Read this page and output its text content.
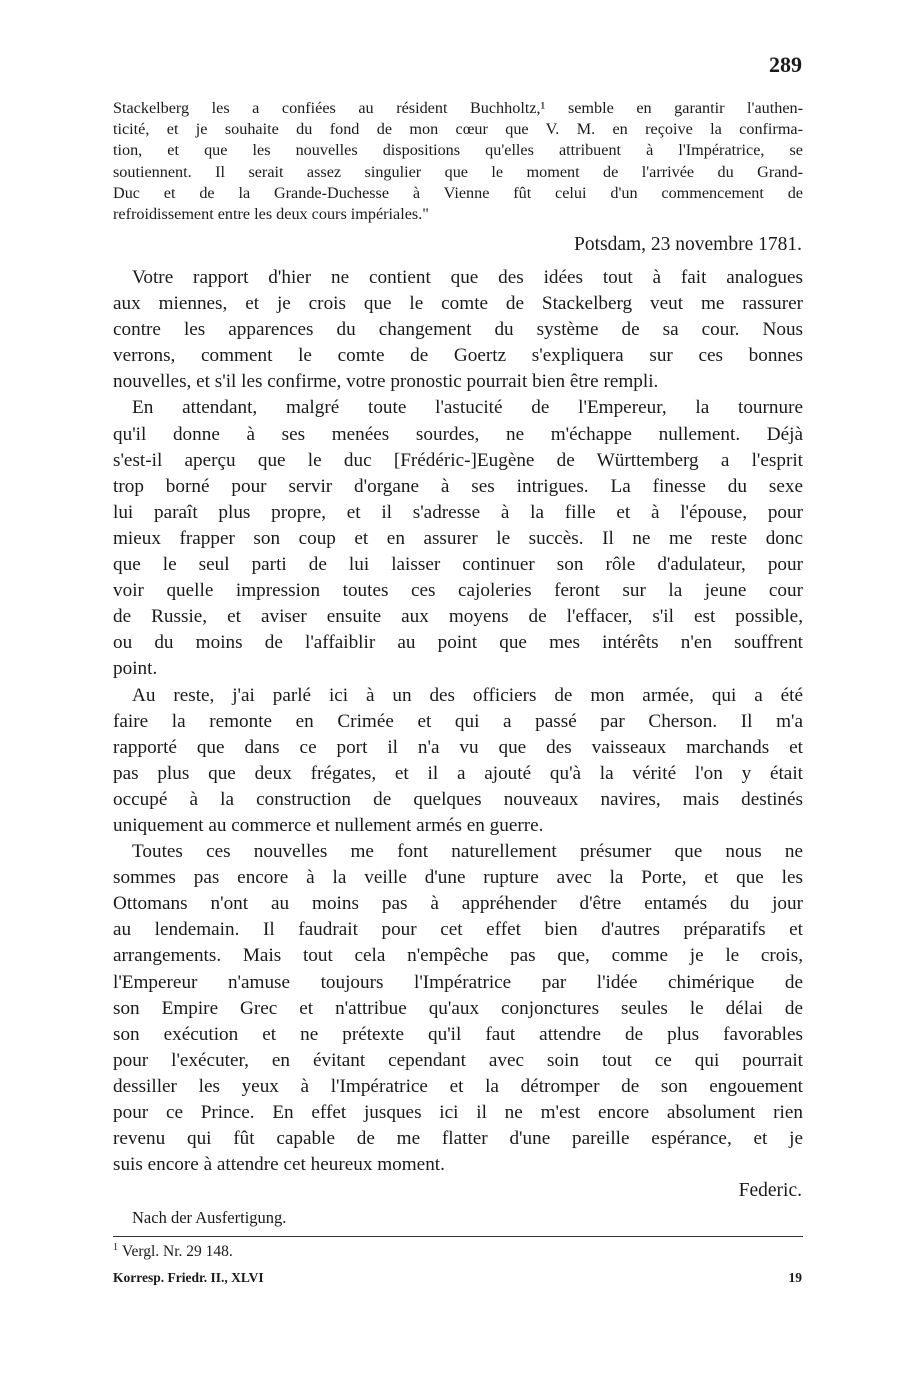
289
Stackelberg les a confiées au résident Buchholtz,¹ semble en garantir l'authen-
ticité, et je souhaite du fond de mon cœur que V. M. en reçoive la confirma-
tion, et que les nouvelles dispositions qu'elles attribuent à l'Impératrice, se
soutiennent. Il serait assez singulier que le moment de l'arrivée du Grand-
Duc et de la Grande-Duchesse à Vienne fût celui d'un commencement de
refroidissement entre les deux cours impériales."
Potsdam, 23 novembre 1781.
Votre rapport d'hier ne contient que des idées tout à fait analogues
aux miennes, et je crois que le comte de Stackelberg veut me rassurer
contre les apparences du changement du système de sa cour. Nous
verrons, comment le comte de Goertz s'expliquera sur ces bonnes
nouvelles, et s'il les confirme, votre pronostic pourrait bien être rempli.
En attendant, malgré toute l'astucité de l'Empereur, la tournure
qu'il donne à ses menées sourdes, ne m'échappe nullement. Déjà
s'est-il aperçu que le duc [Frédéric-]Eugène de Württemberg a l'esprit
trop borné pour servir d'organe à ses intrigues. La finesse du sexe
lui paraît plus propre, et il s'adresse à la fille et à l'épouse, pour
mieux frapper son coup et en assurer le succès. Il ne me reste donc
que le seul parti de lui laisser continuer son rôle d'adulateur, pour
voir quelle impression toutes ces cajoleries feront sur la jeune cour
de Russie, et aviser ensuite aux moyens de l'effacer, s'il est possible,
ou du moins de l'affaiblir au point que mes intérêts n'en souffrent
point.
Au reste, j'ai parlé ici à un des officiers de mon armée, qui a été
faire la remonte en Crimée et qui a passé par Cherson. Il m'a
rapporté que dans ce port il n'a vu que des vaisseaux marchands et
pas plus que deux frégates, et il a ajouté qu'à la vérité l'on y était
occupé à la construction de quelques nouveaux navires, mais destinés
uniquement au commerce et nullement armés en guerre.
Toutes ces nouvelles me font naturellement présumer que nous ne
sommes pas encore à la veille d'une rupture avec la Porte, et que les
Ottomans n'ont au moins pas à appréhender d'être entamés du jour
au lendemain. Il faudrait pour cet effet bien d'autres préparatifs et
arrangements. Mais tout cela n'empêche pas que, comme je le crois,
l'Empereur n'amuse toujours l'Impératrice par l'idée chimérique de
son Empire Grec et n'attribue qu'aux conjonctures seules le délai de
son exécution et ne prétexte qu'il faut attendre de plus favorables
pour l'exécuter, en évitant cependant avec soin tout ce qui pourrait
dessiller les yeux à l'Impératrice et la détromper de son engouement
pour ce Prince. En effet jusques ici il ne m'est encore absolument rien
revenu qui fût capable de me flatter d'une pareille espérance, et je
suis encore à attendre cet heureux moment.
Federic.
Nach der Ausfertigung.
$^1$ Vergl. Nr. 29 148.
Korresp. Friedr. II., XLVI	19
